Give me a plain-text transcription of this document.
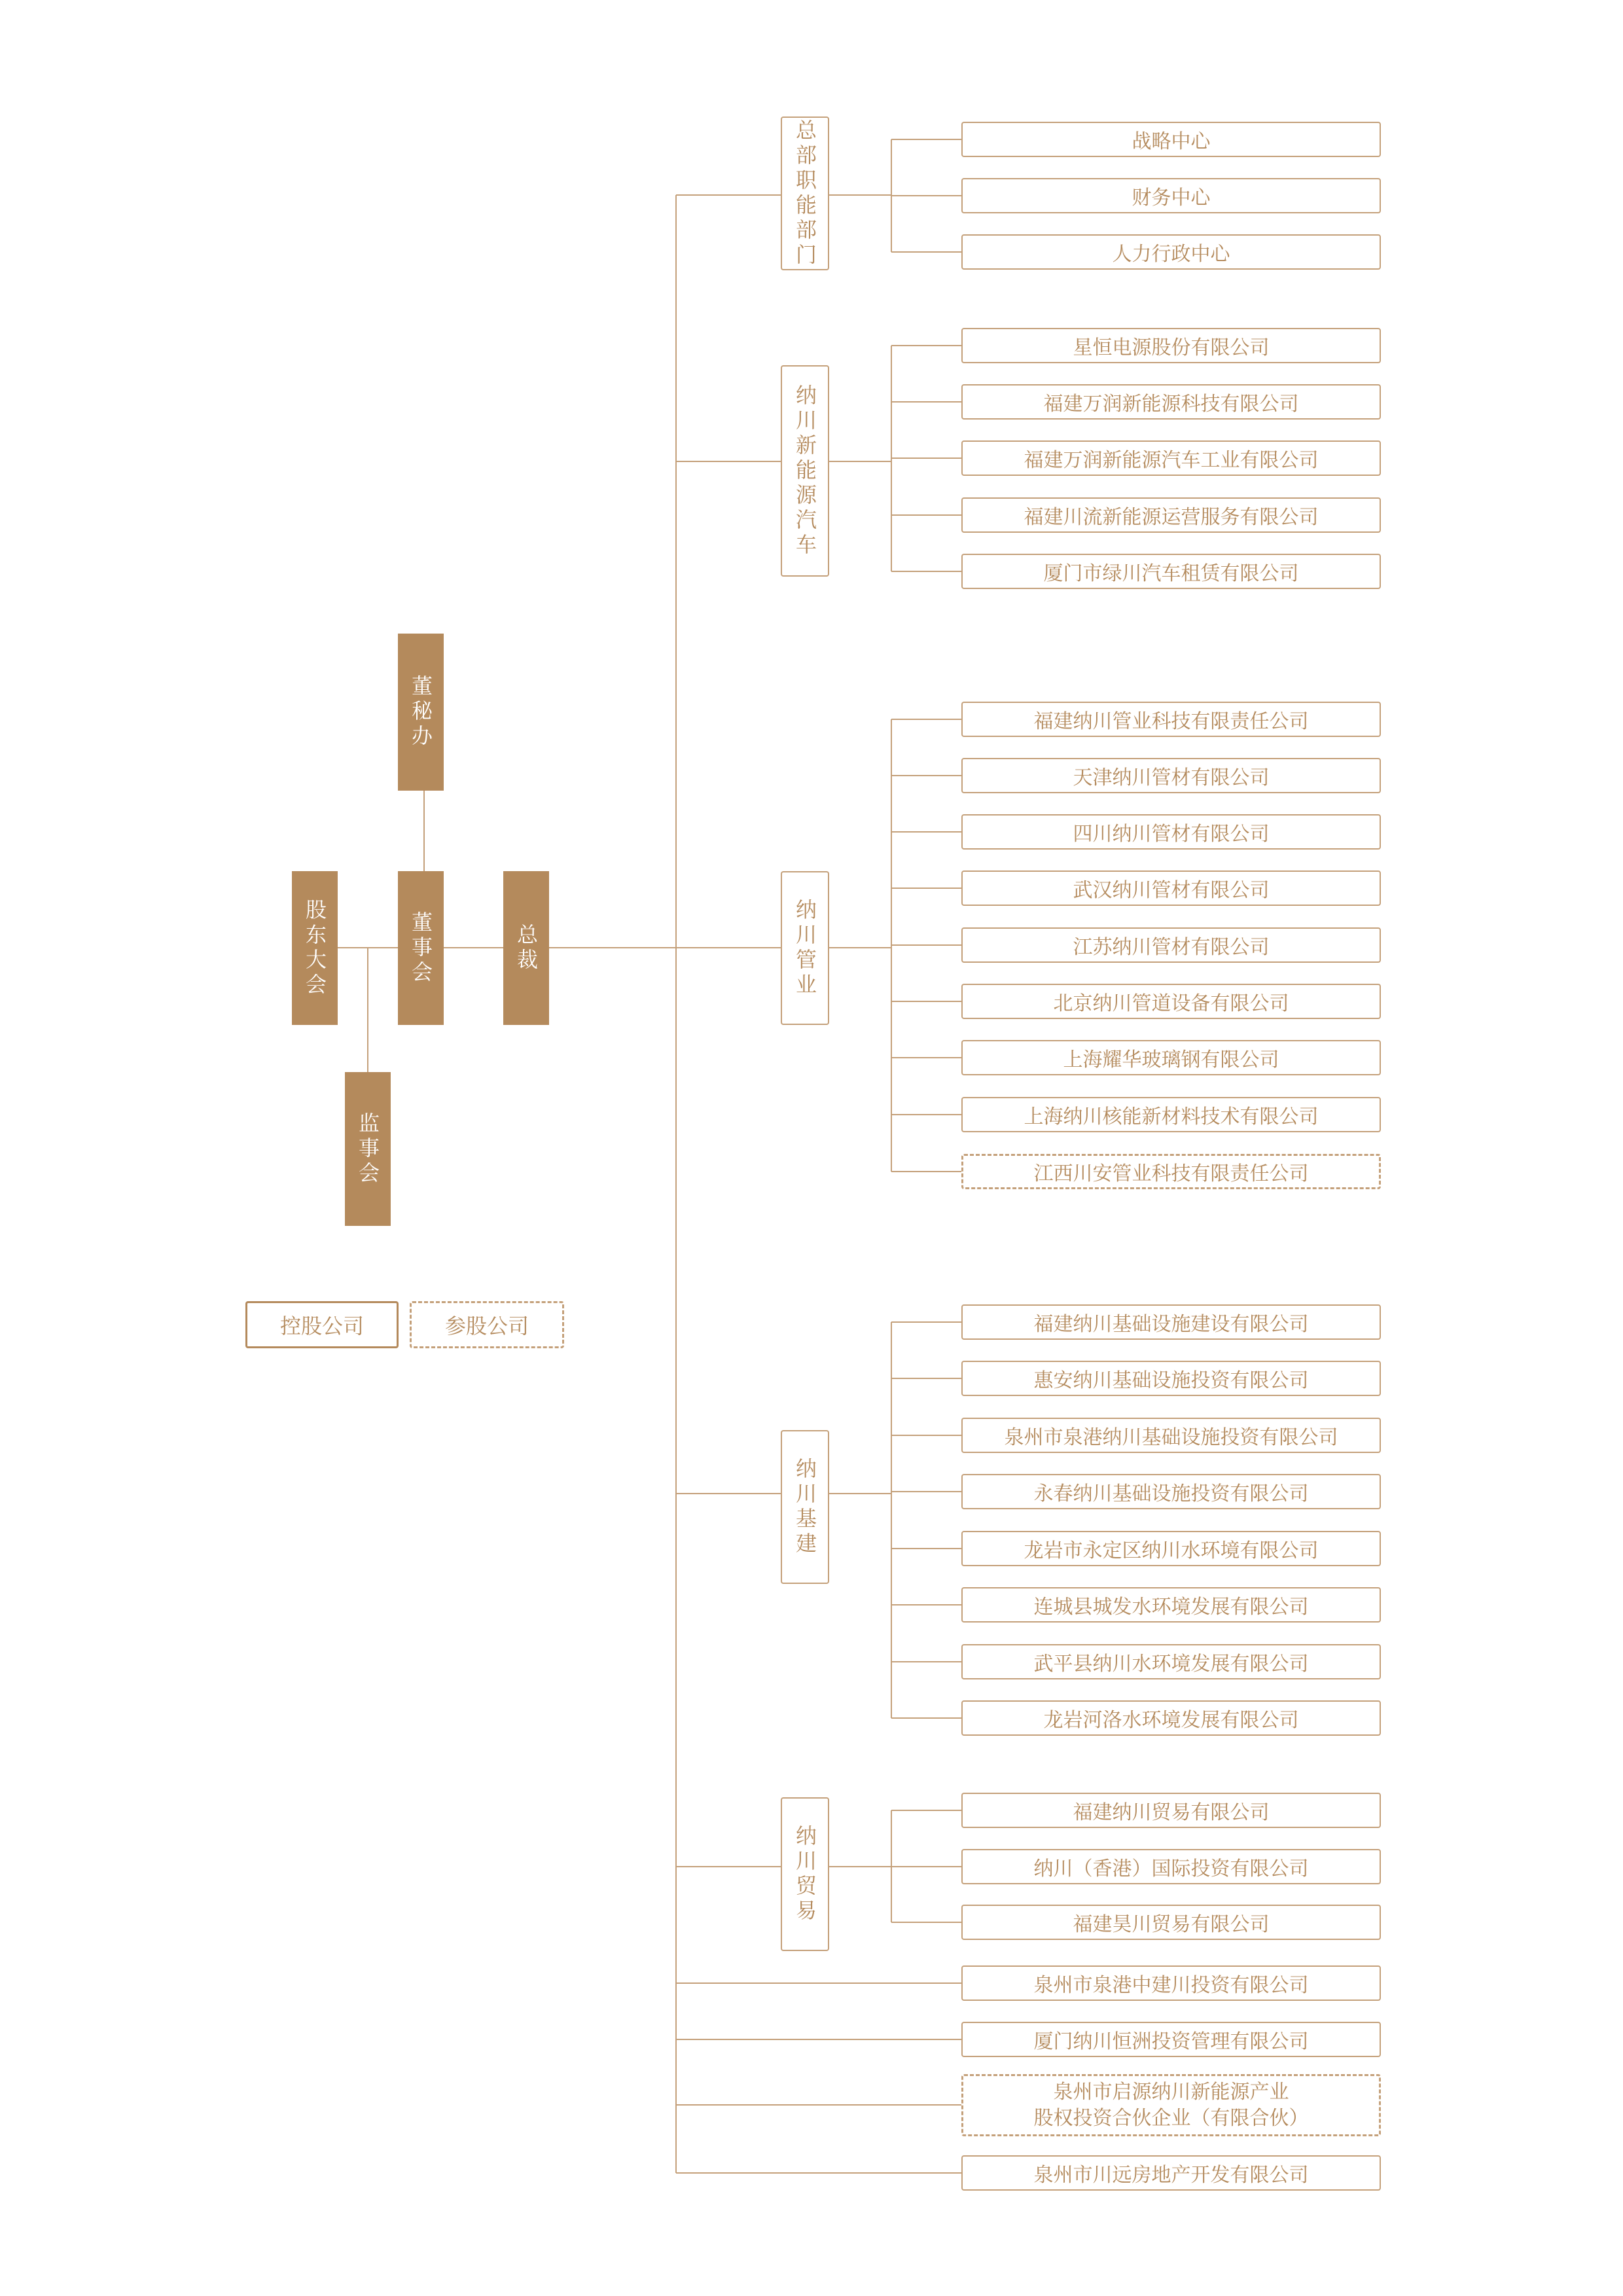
董秘办
股东大会	董事会	总裁
监事会
控股公司	参股公司
总部职能部门
纳川新能源汽车
纳川管业
纳川基建
纳川贸易
战略中心
财务中心
人力行政中心
星恒电源股份有限公司
福建万润新能源科技有限公司
福建万润新能源汽车工业有限公司
福建川流新能源运营服务有限公司
厦门市绿川汽车租赁有限公司
福建纳川管业科技有限责任公司
天津纳川管材有限公司
四川纳川管材有限公司
武汉纳川管材有限公司
江苏纳川管材有限公司
北京纳川管道设备有限公司
上海耀华玻璃钢有限公司
上海纳川核能新材料技术有限公司
江西川安管业科技有限责任公司
福建纳川基础设施建设有限公司
惠安纳川基础设施投资有限公司
泉州市泉港纳川基础设施投资有限公司
永春纳川基础设施投资有限公司
龙岩市永定区纳川水环境有限公司
连城县城发水环境发展有限公司
武平县纳川水环境发展有限公司
龙岩河洛水环境发展有限公司
福建纳川贸易有限公司
纳川（香港）国际投资有限公司
福建昊川贸易有限公司
泉州市泉港中建川投资有限公司
厦门纳川恒洲投资管理有限公司
泉州市启源纳川新能源产业
股权投资合伙企业（有限合伙）
泉州市川远房地产开发有限公司
